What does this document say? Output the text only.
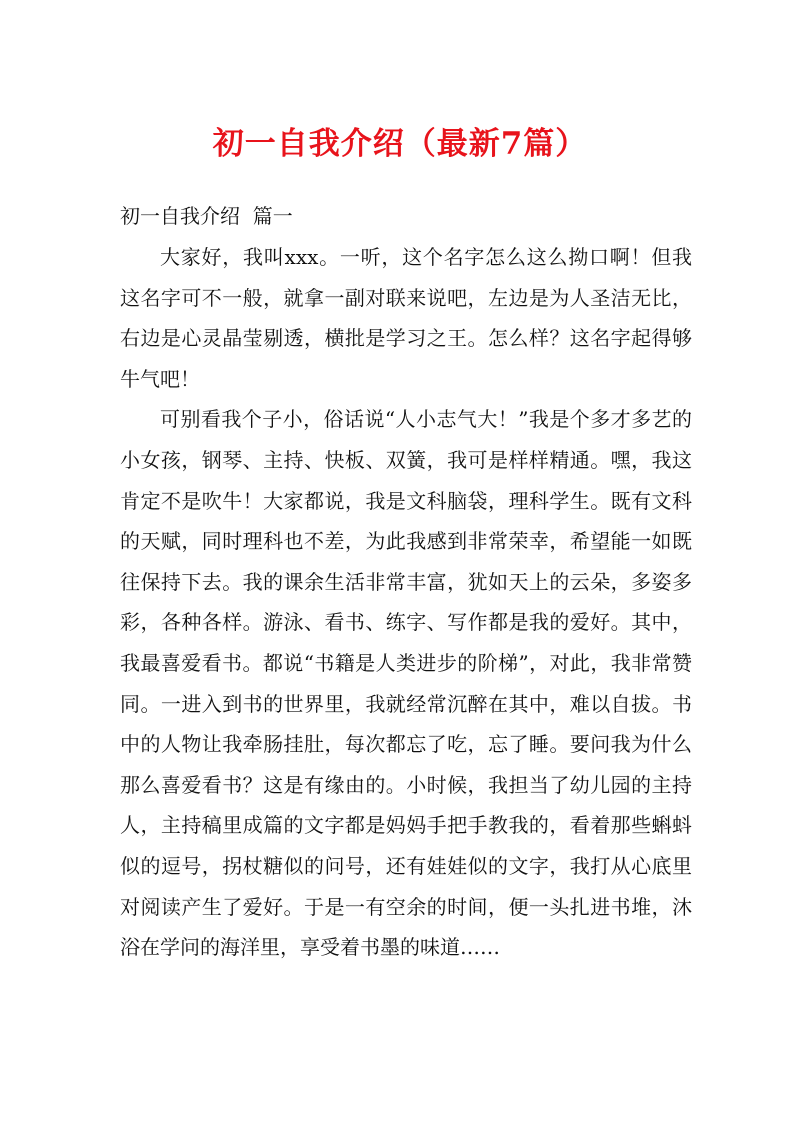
初一自我介绍（最新7篇）
初一自我介绍  篇一

大家好，我叫xxx。一听，这个名字怎么这么拗口啊！但我这名字可不一般，就拿一副对联来说吧，左边是为人圣洁无比，右边是心灵晶莹剔透，横批是学习之王。怎么样？这名字起得够牛气吧！

可别看我个子小，俗话说“人小志气大！”我是个多才多艺的小女孩，钢琴、主持、快板、双簧，我可是样样精通。嘿，我这肯定不是吹牛！大家都说，我是文科脑袋，理科学生。既有文科的天赋，同时理科也不差，为此我感到非常荣幸，希望能一如既往保持下去。我的课余生活非常丰富，犹如天上的云朵，多姿多彩，各种各样。游泳、看书、练字、写作都是我的爱好。其中，我最喜爱看书。都说“书籍是人类进步的阶梯”，对此，我非常赞同。一进入到书的世界里，我就经常沉醉在其中，难以自拔。书中的人物让我牵肠挂肚，每次都忘了吃，忘了睡。要问我为什么那么喜爱看书？这是有缘由的。小时候，我担当了幼儿园的主持人，主持稿里成篇的文字都是妈妈手把手教我的，看着那些蝌蚪似的逗号，拐杖糖似的问号，还有娃娃似的文字，我打从心底里对阅读产生了爱好。于是一有空余的时间，便一头扎进书堆，沐浴在学问的海洋里，享受着书墨的味道……
